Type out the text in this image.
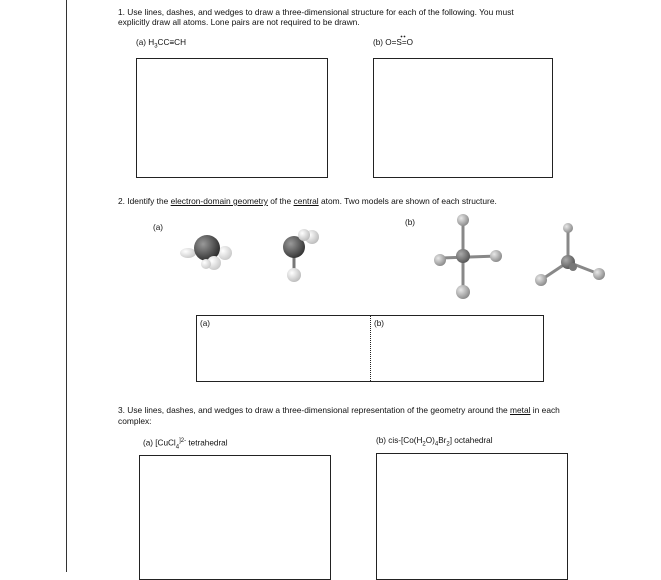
1. Use lines, dashes, and wedges to draw a three-dimensional structure for each of the following. You must
explicitly draw all atoms. Lone pairs are not required to be drawn.
(a) $H_3CC\equiv CH$	(b) O=S=O
2. Identify the electron-domain geometry of the central atom. Two models are shown of each structure.
(a)
(b)
(a)	(b)
3. Use lines, dashes, and wedges to draw a three-dimensional representation of the geometry around the metal in each
complex:
(a) [CuCl$_4^{]2-}$ tetrahedral	(b) cis-$[Co(H_2O)_4Br_2]$ octahedral
